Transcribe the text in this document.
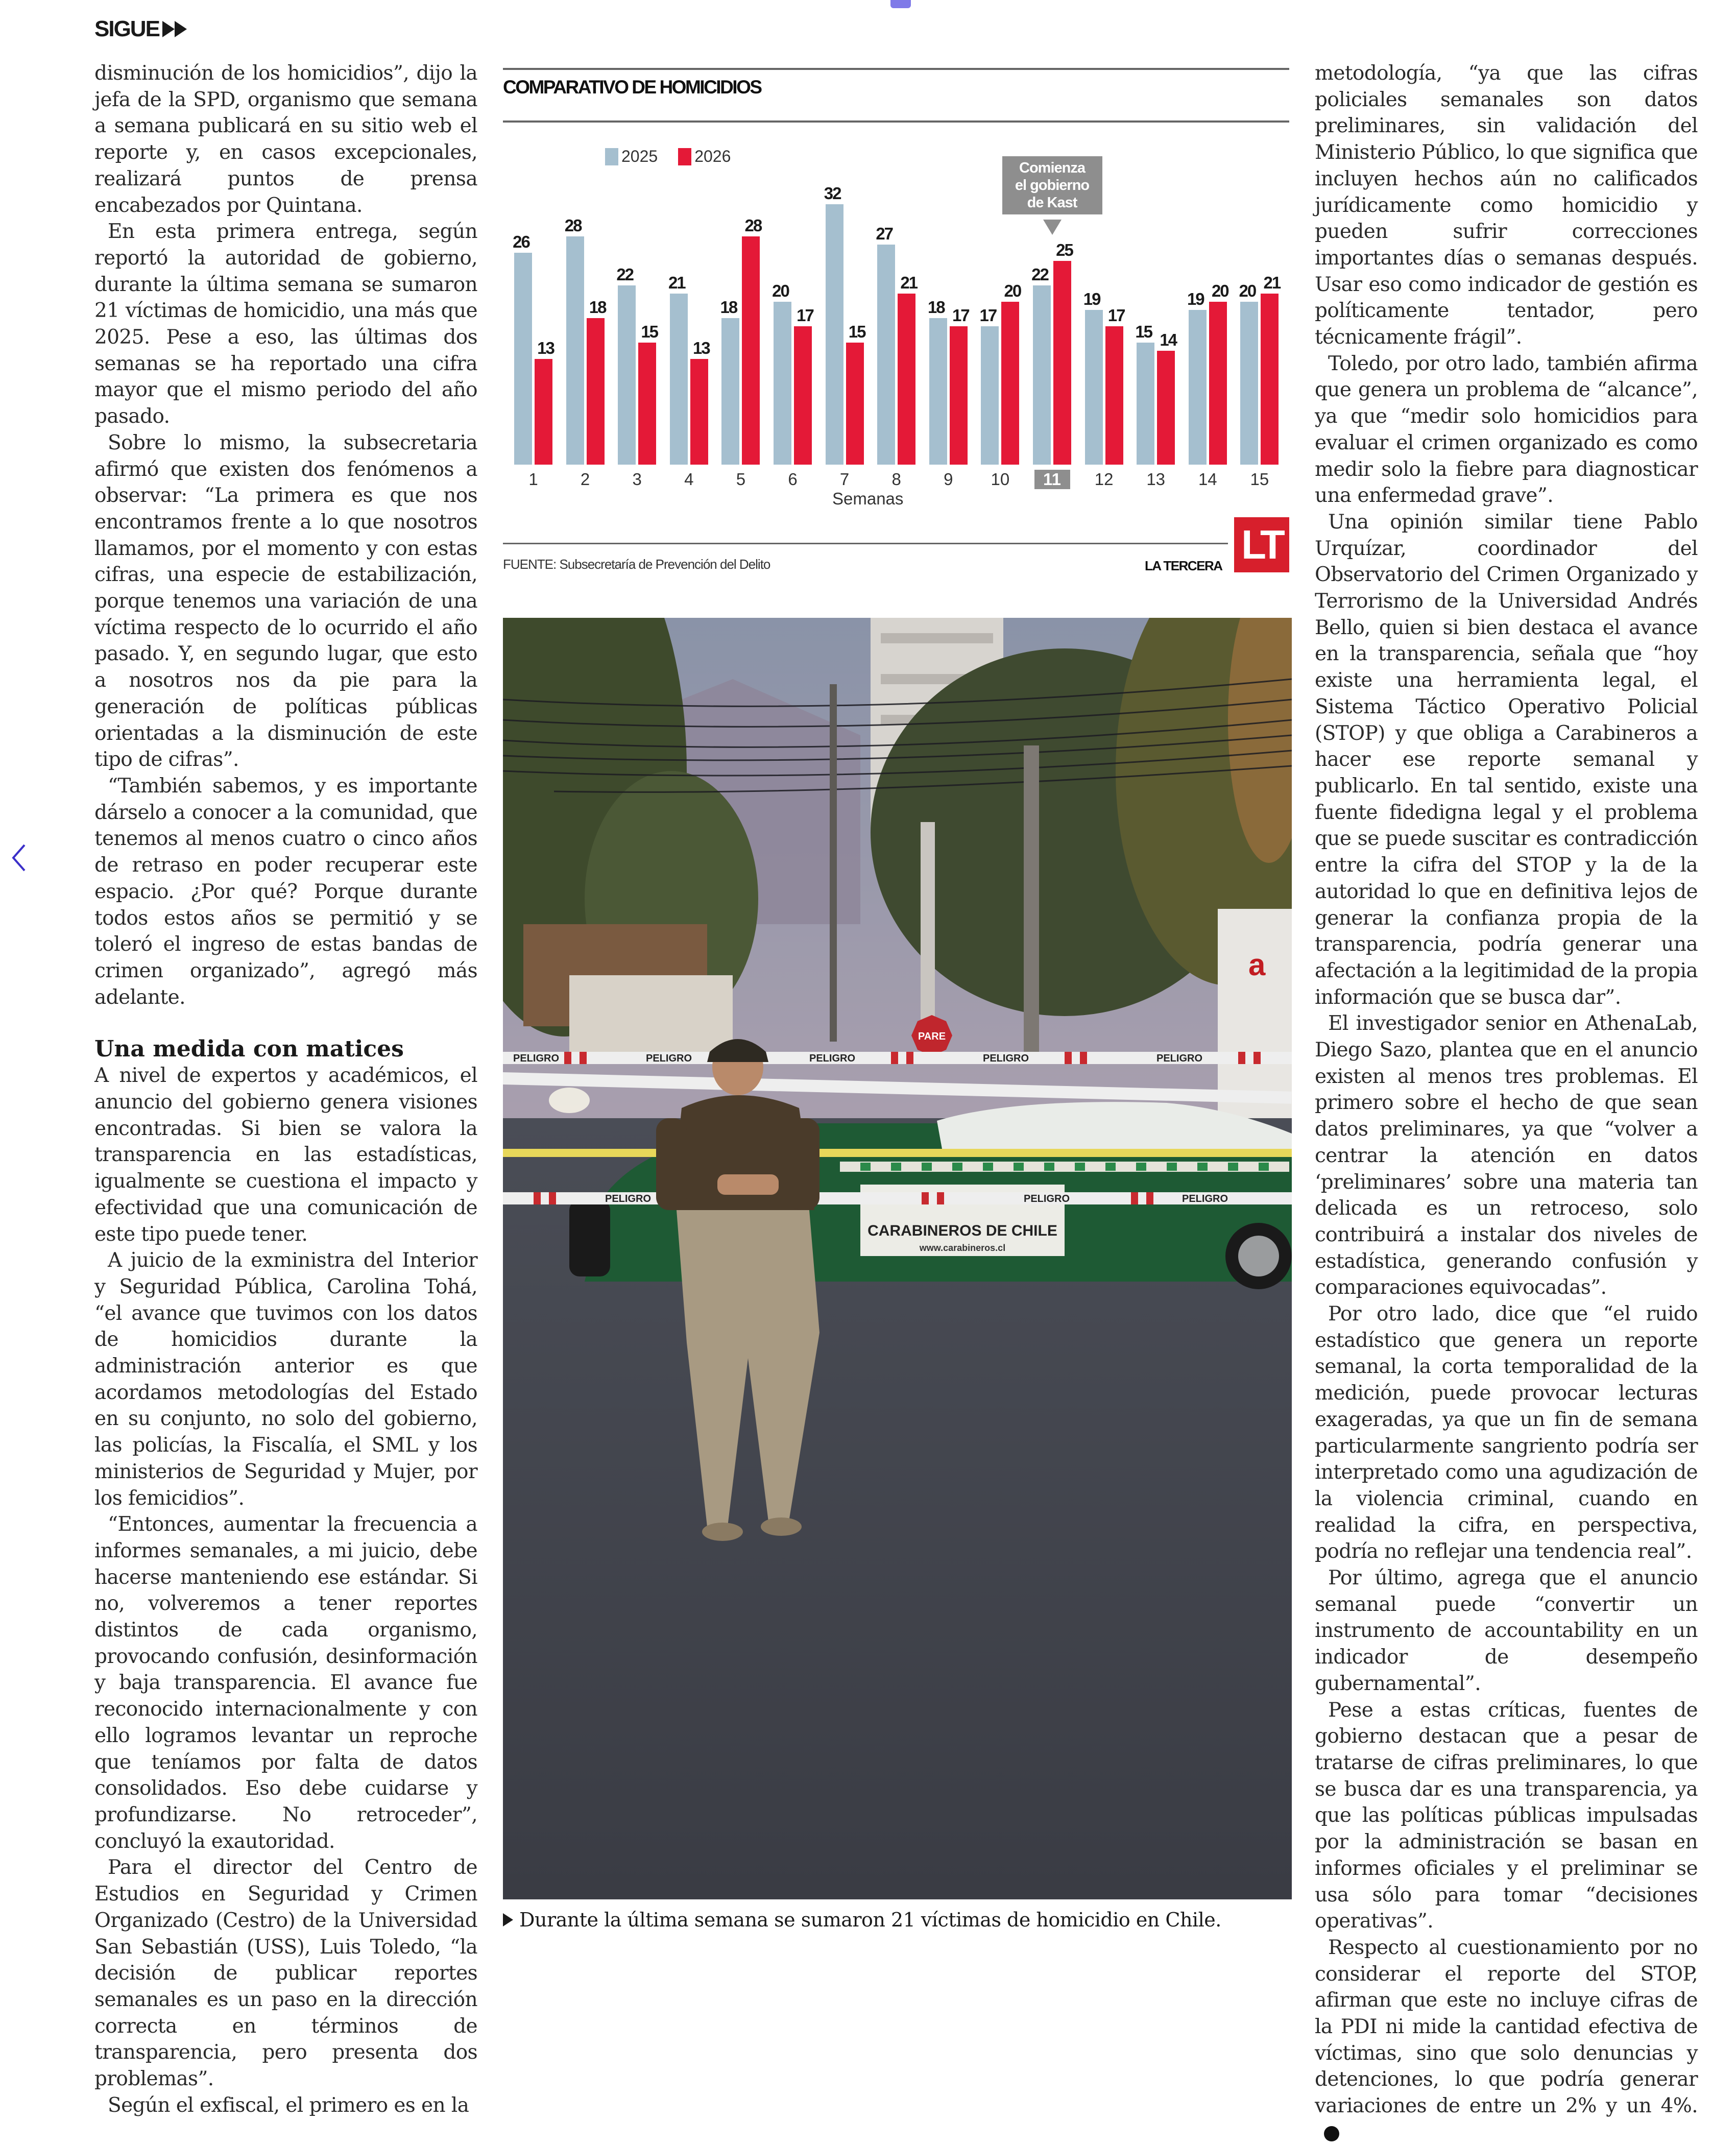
SIGUE

disminución de los homicidios”, dijo la jefa de la SPD, organismo que semana a semana publicará en su sitio web el reporte y, en casos excepcionales, realizará puntos de prensa encabezados por Quintana.

En esta primera entrega, según reportó la autoridad de gobierno, durante la última semana se sumaron 21 víctimas de homicidio, una más que 2025. Pese a eso, las últimas dos semanas se ha reportado una cifra mayor que el mismo periodo del año pasado.

Sobre lo mismo, la subsecretaria afirmó que existen dos fenómenos a observar: “La primera es que nos encontramos frente a lo que nosotros llamamos, por el momento y con estas cifras, una especie de estabilización, porque tenemos una variación de una víctima respecto de lo ocurrido el año pasado. Y, en segundo lugar, que esto a nosotros nos da pie para la generación de políticas públicas orientadas a la disminución de este tipo de cifras”.

“También sabemos, y es importante dárselo a conocer a la comunidad, que tenemos al menos cuatro o cinco años de retraso en poder recuperar este espacio. ¿Por qué? Porque durante todos estos años se permitió y se toleró el ingreso de estas bandas de crimen organizado”, agregó más adelante.

Una medida con matices

A nivel de expertos y académicos, el anuncio del gobierno genera visiones encontradas. Si bien se valora la transparencia en las estadísticas, igualmente se cuestiona el impacto y efectividad que una comunicación de este tipo puede tener.

A juicio de la exministra del Interior y Seguridad Pública, Carolina Tohá, “el avance que tuvimos con los datos de homicidios durante la administración anterior es que acordamos metodologías del Estado en su conjunto, no solo del gobierno, las policías, la Fiscalía, el SML y los ministerios de Seguridad y Mujer, por los femicidios”.

“Entonces, aumentar la frecuencia a informes semanales, a mi juicio, debe hacerse manteniendo ese estándar. Si no, volveremos a tener reportes distintos de cada organismo, provocando confusión, desinformación y baja transparencia. El avance fue reconocido internacionalmente y con ello logramos levantar un reproche que teníamos por falta de datos consolidados. Eso debe cuidarse y profundizarse. No retroceder”, concluyó la exautoridad.

Para el director del Centro de Estudios en Seguridad y Crimen Organizado (Cestro) de la Universidad San Sebastián (USS), Luis Toledo, “la decisión de publicar reportes semanales es un paso en la dirección correcta en términos de transparencia, pero presenta dos problemas”.

Según el exfiscal, el primero es en la

COMPARATIVO DE HOMICIDIOS
2025 2026
26
13
1
28
18
2
22
15
3
21
13
4
18
28
5
20
17
6
32
15
7
27
21
8
18 17
9
17
20
10
22
25
11
19
17
12
15 14
13
19 20
14
20 21
15
Comienza
el gobierno
de Kast
Semanas
FUENTE: Subsecretaría de Prevención del Delito	LA TERCERA LT
a
PARE
CARABINEROS DE CHILE
www.carabineros.cl
PELIGRO	PELIGRO	PELIGRO	PELIGRO	PELIGRO
PELIGRO	PELIGRO	PELIGRO
Durante la última semana se sumaron 21 víctimas de homicidio en Chile.

metodología, “ya que las cifras policiales semanales son datos preliminares, sin validación del Ministerio Público, lo que significa que incluyen hechos aún no calificados jurídicamente como homicidio y pueden sufrir correcciones importantes días o semanas después. Usar eso como indicador de gestión es políticamente tentador, pero técnicamente frágil”.

Toledo, por otro lado, también afirma que genera un problema de “alcance”, ya que “medir solo homicidios para evaluar el crimen organizado es como medir solo la fiebre para diagnosticar una enfermedad grave”.

Una opinión similar tiene Pablo Urquízar, coordinador del Observatorio del Crimen Organizado y Terrorismo de la Universidad Andrés Bello, quien si bien destaca el avance en la transparencia, señala que “hoy existe una herramienta legal, el Sistema Táctico Operativo Policial (STOP) y que obliga a Carabineros a hacer ese reporte semanal y publicarlo. En tal sentido, existe una fuente fidedigna legal y el problema que se puede suscitar es contradicción entre la cifra del STOP y la de la autoridad lo que en definitiva lejos de generar la confianza propia de la transparencia, podría generar una afectación a la legitimidad de la propia información que se busca dar”.

El investigador senior en AthenaLab, Diego Sazo, plantea que en el anuncio existen al menos tres problemas. El primero sobre el hecho de que sean datos preliminares, ya que “volver a centrar la atención en datos ‘preliminares’ sobre una materia tan delicada es un retroceso, solo contribuirá a instalar dos niveles de estadística, generando confusión y comparaciones equivocadas”.

Por otro lado, dice que “el ruido estadístico que genera un reporte semanal, la corta temporalidad de la medición, puede provocar lecturas exageradas, ya que un fin de semana particularmente sangriento podría ser interpretado como una agudización de la violencia criminal, cuando en realidad la cifra, en perspectiva, podría no reflejar una tendencia real”.

Por último, agrega que el anuncio semanal puede “convertir un instrumento de accountability en un indicador de desempeño gubernamental”.

Pese a estas críticas, fuentes de gobierno destacan que a pesar de tratarse de cifras preliminares, lo que se busca dar es una transparencia, ya que las políticas públicas impulsadas por la administración se basan en informes oficiales y el preliminar se usa sólo para tomar “decisiones operativas”.

Respecto al cuestionamiento por no considerar el reporte del STOP, afirman que este no incluye cifras de la PDI ni mide la cantidad efectiva de víctimas, sino que solo denuncias y detenciones, lo que podría generar variaciones de entre un 2% y un 4%.
